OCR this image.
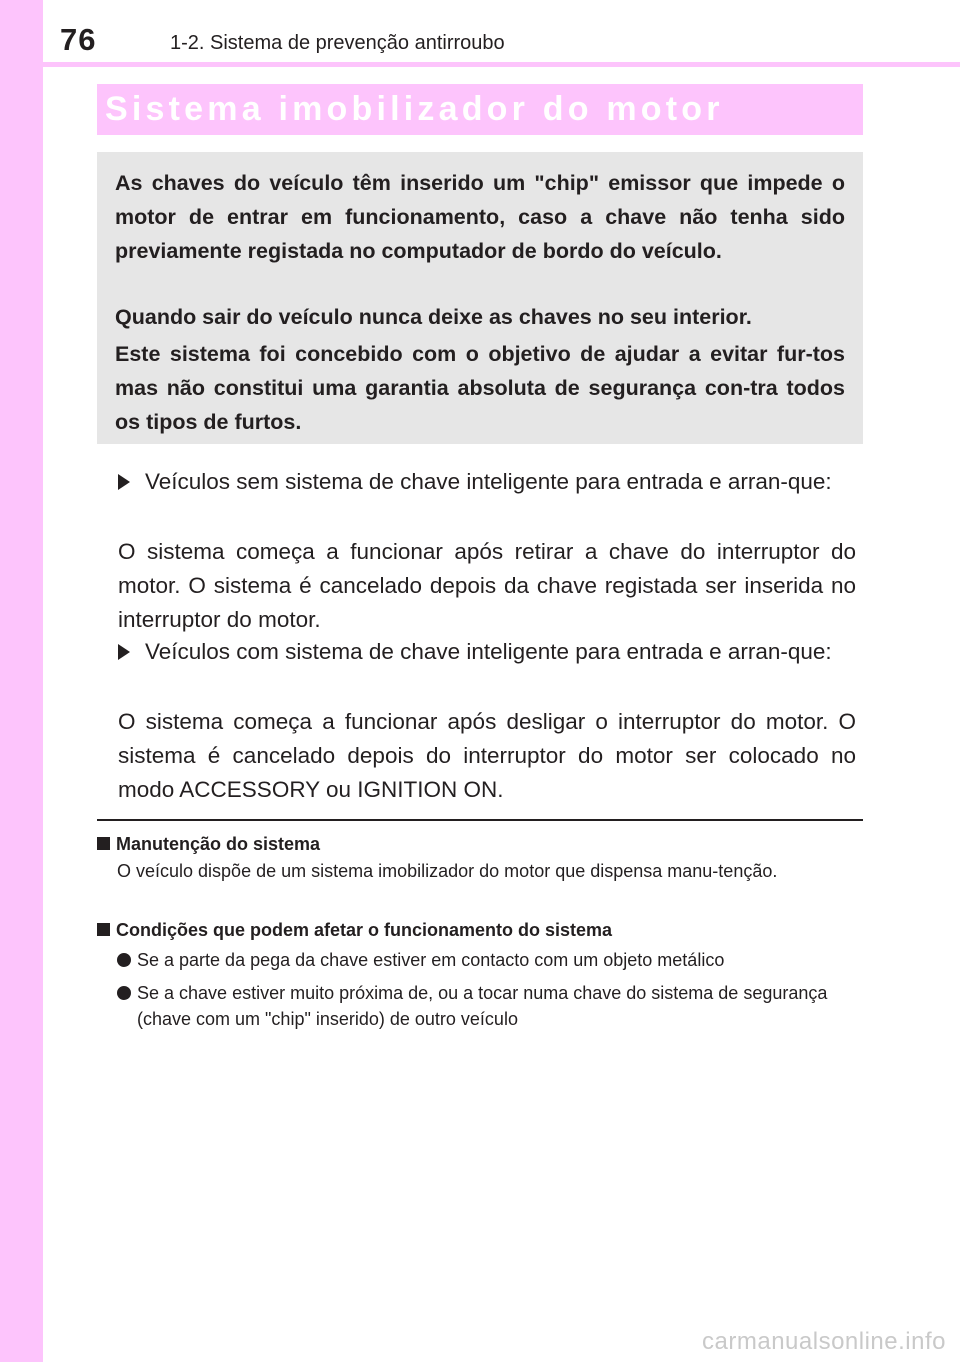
76	1-2. Sistema de prevenção antirroubo
Sistema imobilizador do motor

As chaves do veículo têm inserido um "chip" emissor que impede o motor de entrar em funcionamento, caso a chave não tenha sido previamente registada no computador de bordo do veículo.

Quando sair do veículo nunca deixe as chaves no seu interior.

Este sistema foi concebido com o objetivo de ajudar a evitar fur-tos mas não constitui uma garantia absoluta de segurança con-tra todos os tipos de furtos.

Veículos sem sistema de chave inteligente para entrada e arran-que:

O sistema começa a funcionar após retirar a chave do interruptor do motor. O sistema é cancelado depois da chave registada ser inserida no interruptor do motor.

Veículos com sistema de chave inteligente para entrada e arran-que:

O sistema começa a funcionar após desligar o interruptor do motor. O sistema é cancelado depois do interruptor do motor ser colocado no modo ACCESSORY ou IGNITION ON.

Manutenção do sistema

O veículo dispõe de um sistema imobilizador do motor que dispensa manu-tenção.

Condições que podem afetar o funcionamento do sistema
Se a parte da pega da chave estiver em contacto com um objeto metálico
Se a chave estiver muito próxima de, ou a tocar numa chave do sistema de segurança (chave com um "chip" inserido) de outro veículo
carmanualsonline.info
